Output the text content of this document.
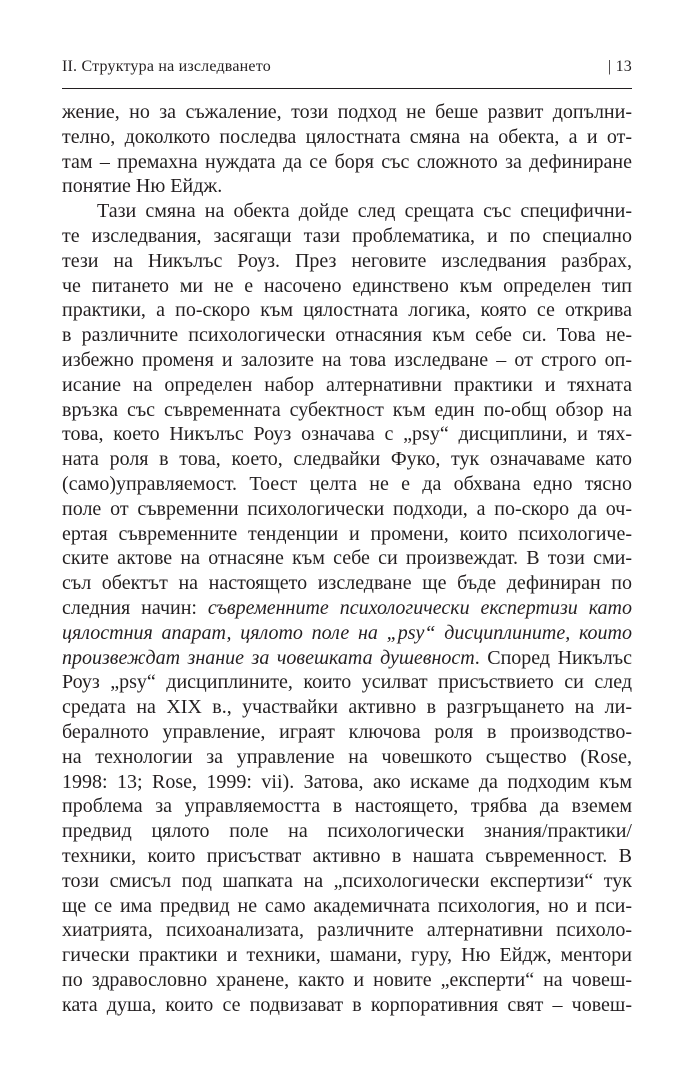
II. Структура на изследването	| 13
жение, но за съжаление, този подход не беше развит допълни-
телно, доколкото последва цялостната смяна на обекта, а и от-
там – премахна нуждата да се боря със сложното за дефиниране
понятие Ню Ейдж.
Тази смяна на обекта дойде след срещата със специфични-
те изследвания, засягащи тази проблематика, и по специално
тези на Никълъс Роуз. През неговите изследвания разбрах,
че питането ми не е насочено единствено към определен тип
практики, а по-скоро към цялостната логика, която се открива
в различните психологически отнасяния към себе си. Това не-
избежно променя и залозите на това изследване – от строго оп-
исание на определен набор алтернативни практики и тяхната
връзка със съвременната субектност към един по-общ обзор на
това, което Никълъс Роуз означава с „psy“ дисциплини, и тях-
ната роля в това, което, следвайки Фуко, тук означаваме като
(само)управляемост. Тоест целта не е да обхвана едно тясно
поле от съвременни психологически подходи, а по-скоро да оч-
ертая съвременните тенденции и промени, които психологиче-
ските актове на отнасяне към себе си произвеждат. В този сми-
съл обектът на настоящето изследване ще бъде дефиниран по
следния начин: съвременните психологически експертизи като
цялостния апарат, цялото поле на „psy“ дисциплините, които
произвеждат знание за човешката душевност. Според Никълъс
Роуз „psy“ дисциплините, които усилват присъствието си след
средата на XIX в., участвайки активно в разгръщането на ли-
бералното управление, играят ключова роля в производство-
на технологии за управление на човешкото същество (Rose,
1998: 13; Rose, 1999: vii). Затова, ако искаме да подходим към
проблема за управляемостта в настоящето, трябва да вземем
предвид цялото поле на психологически знания/практики/
техники, които присъстват активно в нашата съвременност. В
този смисъл под шапката на „психологически експертизи“ тук
ще се има предвид не само академичната психология, но и пси-
хиатрията, психоанализата, различните алтернативни психоло-
гически практики и техники, шамани, гуру, Ню Ейдж, ментори
по здравословно хранене, както и новите „експерти“ на човеш-
ката душа, които се подвизават в корпоративния свят – човеш-
